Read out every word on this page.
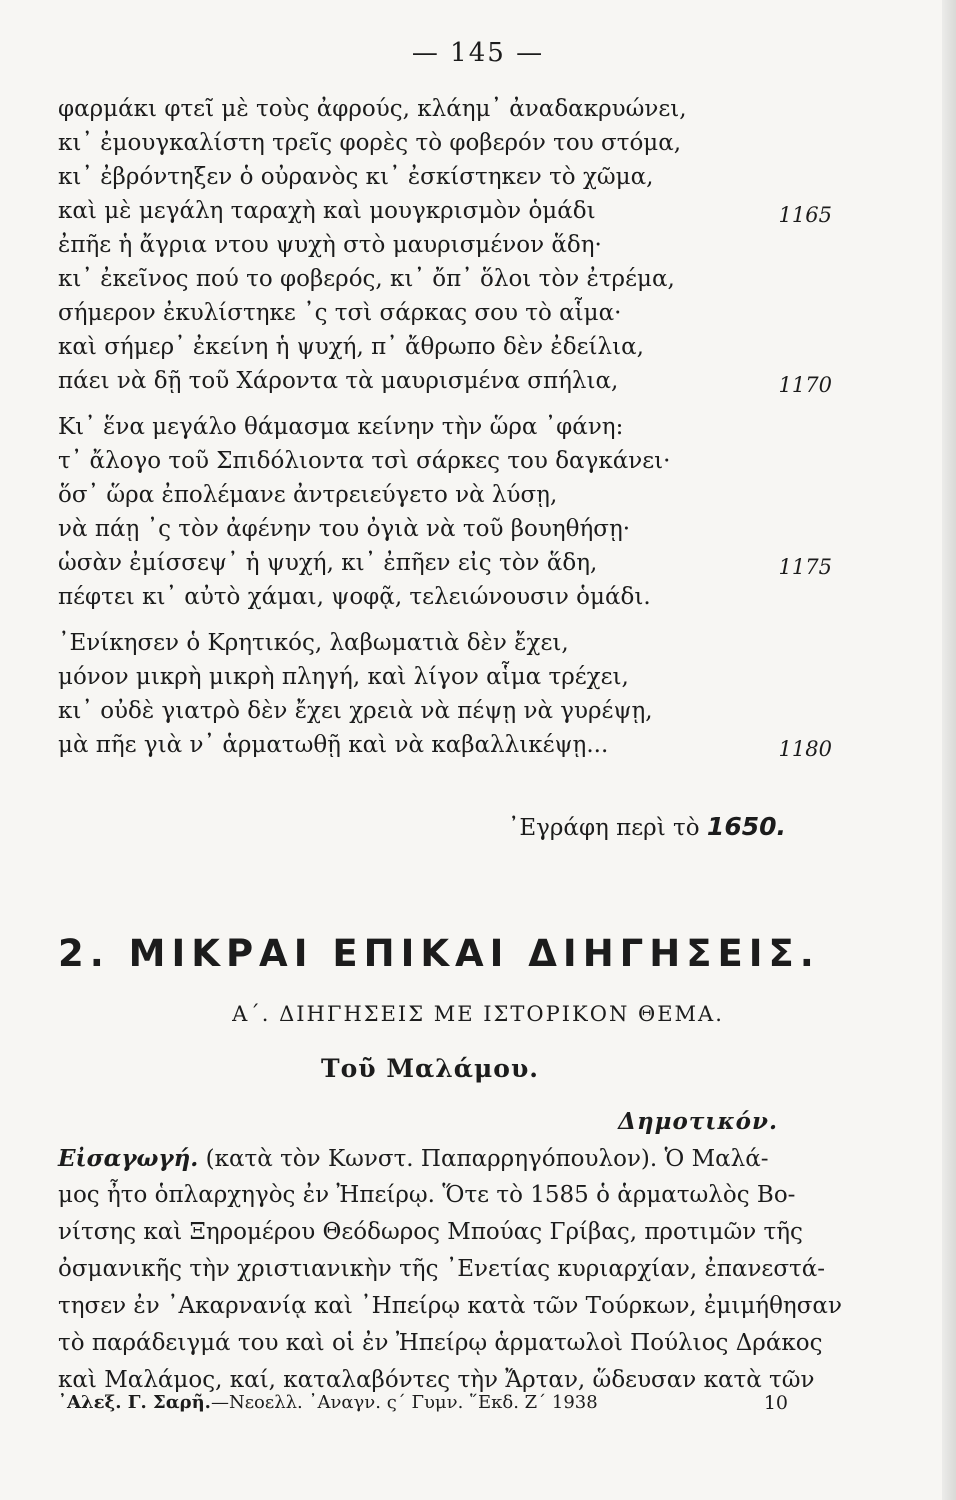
— 145 —
φαρμάκι φτεῖ μὲ τοὺς ἀφρούς, κλάημ᾿ ἀναδακρυώνει,
κι᾿ ἐμουγκαλίστη τρεῖς φορὲς τὸ φοβερόν του στόμα,
κι᾿ ἐβρόντηξεν ὁ οὐρανὸς κι᾿ ἐσκίστηκεν τὸ χῶμα,
καὶ μὲ μεγάλη ταραχὴ καὶ μουγκρισμὸν ὁμάδι	1165
ἐπῆε ἡ ἄγρια ντου ψυχὴ στὸ μαυρισμένον ἅδη·
κι᾿ ἐκεῖνος πού το φοβερός, κι᾿ ὄπ᾿ ὅλοι τὸν ἐτρέμα,
σήμερον ἐκυλίστηκε ᾿ς τσὶ σάρκας σου τὸ αἷμα·
καὶ σήμερ᾿ ἐκείνη ἡ ψυχή, π᾿ ἄθρωπο δὲν ἐδείλια,
πάει νὰ δῇ τοῦ Χάροντα τὰ μαυρισμένα σπήλια,	1170
Κι᾿ ἕνα μεγάλο θάμασμα κείνην τὴν ὥρα ᾿φάνη:
τ᾿ ἄλογο τοῦ Σπιδόλιοντα τσὶ σάρκες του δαγκάνει·
ὅσ᾿ ὥρα ἐπολέμανε ἀντρειεύγετο νὰ λύσῃ,
νὰ πάῃ ᾿ς τὸν ἀφένην του ὀγιὰ νὰ τοῦ βουηθήσῃ·
ὡσὰν ἐμίσσεψ᾿ ἡ ψυχή, κι᾿ ἐπῆεν εἰς τὸν ἅδη,	1175
πέφτει κι᾿ αὐτὸ χάμαι, ψοφᾷ, τελειώνουσιν ὁμάδι.
᾿Ενίκησεν ὁ Κρητικός, λαβωματιὰ δὲν ἔχει,
μόνον μικρὴ μικρὴ πληγή, καὶ λίγον αἷμα τρέχει,
κι᾿ οὐδὲ γιατρὸ δὲν ἔχει χρειὰ νὰ πέψῃ νὰ γυρέψῃ,
μὰ πῆε γιὰ ν᾿ ἁρματωθῇ καὶ νὰ καβαλλικέψῃ...	1180
᾿Εγράφη περὶ τὸ 1650.
2. ΜΙΚΡΑΙ ΕΠΙΚΑΙ ΔΙΗΓΗΣΕΙΣ.
Α΄. ΔΙΗΓΗΣΕΙΣ ΜΕ ΙΣΤΟΡΙΚΟΝ ΘΕΜΑ.
Τοῦ Μαλάμου.
Δημοτικόν.
Εἰσαγωγή. (κατὰ τὸν Κωνστ. Παπαρρηγόπουλον). Ὁ Μαλά-
μος ἦτο ὁπλαρχηγὸς ἐν Ἠπείρῳ. Ὅτε τὸ 1585 ὁ ἁρματωλὸς Βο-
νίτσης καὶ Ξηρομέρου Θεόδωρος Μπούας Γρίβας, προτιμῶν τῆς
ὀσμανικῆς τὴν χριστιανικὴν τῆς ᾿Ενετίας κυριαρχίαν, ἐπανεστά-
τησεν ἐν ᾿Ακαρνανίᾳ καὶ ᾿Ηπείρῳ κατὰ τῶν Τούρκων, ἐμιμήθησαν
τὸ παράδειγμά του καὶ οἱ ἐν Ἠπείρῳ ἁρματωλοὶ Πούλιος Δράκος
καὶ Μαλάμος, καί, καταλαβόντες τὴν Ἄρταν, ὥδευσαν κατὰ τῶν
᾿Αλεξ. Γ. Σαρῆ.—Νεοελλ. ᾿Αναγν. ς΄ Γυμν. ῞Εκδ. Ζ΄ 1938	10
